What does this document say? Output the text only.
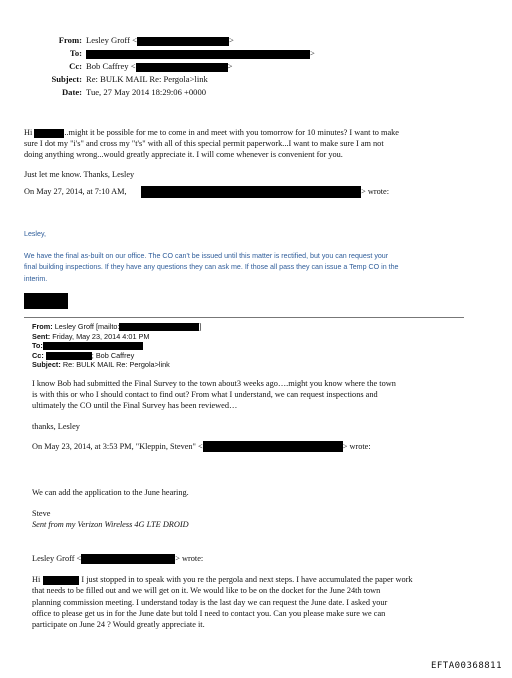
From: Lesley Groff <	>
To:	>
Cc: Bob Caffrey <	>
Subject: Re: BULK MAIL Re: Pergola>link
Date: Tue, 27 May 2014 18:29:06 +0000
Hi	..might it be possible for me to come in and meet with you tomorrow for 10 minutes? I want to make
sure I dot my "i's" and cross my "t's" with all of this special permit paperwork...I want to make sure I am not
doing anything wrong...would greatly appreciate it. I will come whenever is convenient for you.
Just let me know. Thanks, Lesley
On May 27, 2014, at 7:10 AM,	> wrote:
Lesley,
We have the final as-built on our office. The CO can't be issued until this matter is rectified, but you can request your
final building inspections. If they have any questions they can ask me. If those all pass they can issue a Temp CO in the
interim.
From: Lesley Groff [mailto:	]
Sent: Friday, May 23, 2014 4:01 PM
To:
Cc:	; Bob Caffrey
Subject: Re: BULK MAIL Re: Pergola>link
I know Bob had submitted the Final Survey to the town about3 weeks ago….might you know where the town
is with this or who I should contact to find out? From what I understand, we can request inspections and
ultimately the CO until the Final Survey has been reviewed…
thanks, Lesley
On May 23, 2014, at 3:53 PM, "Kleppin, Steven" <	> wrote:
We can add the application to the June hearing.
Steve
Sent from my Verizon Wireless 4G LTE DROID
Lesley Groff <	> wrote:
Hi	I just stopped in to speak with you re the pergola and next steps. I have accumulated the paper work
that needs to be filled out and we will get on it. We would like to be on the docket for the June 24th town
planning commission meeting. I understand today is the last day we can request the June date. I asked your
office to please get us in for the June date but told I need to contact you. Can you please make sure we can
participate on June 24 ? Would greatly appreciate it.
EFTA00368811
